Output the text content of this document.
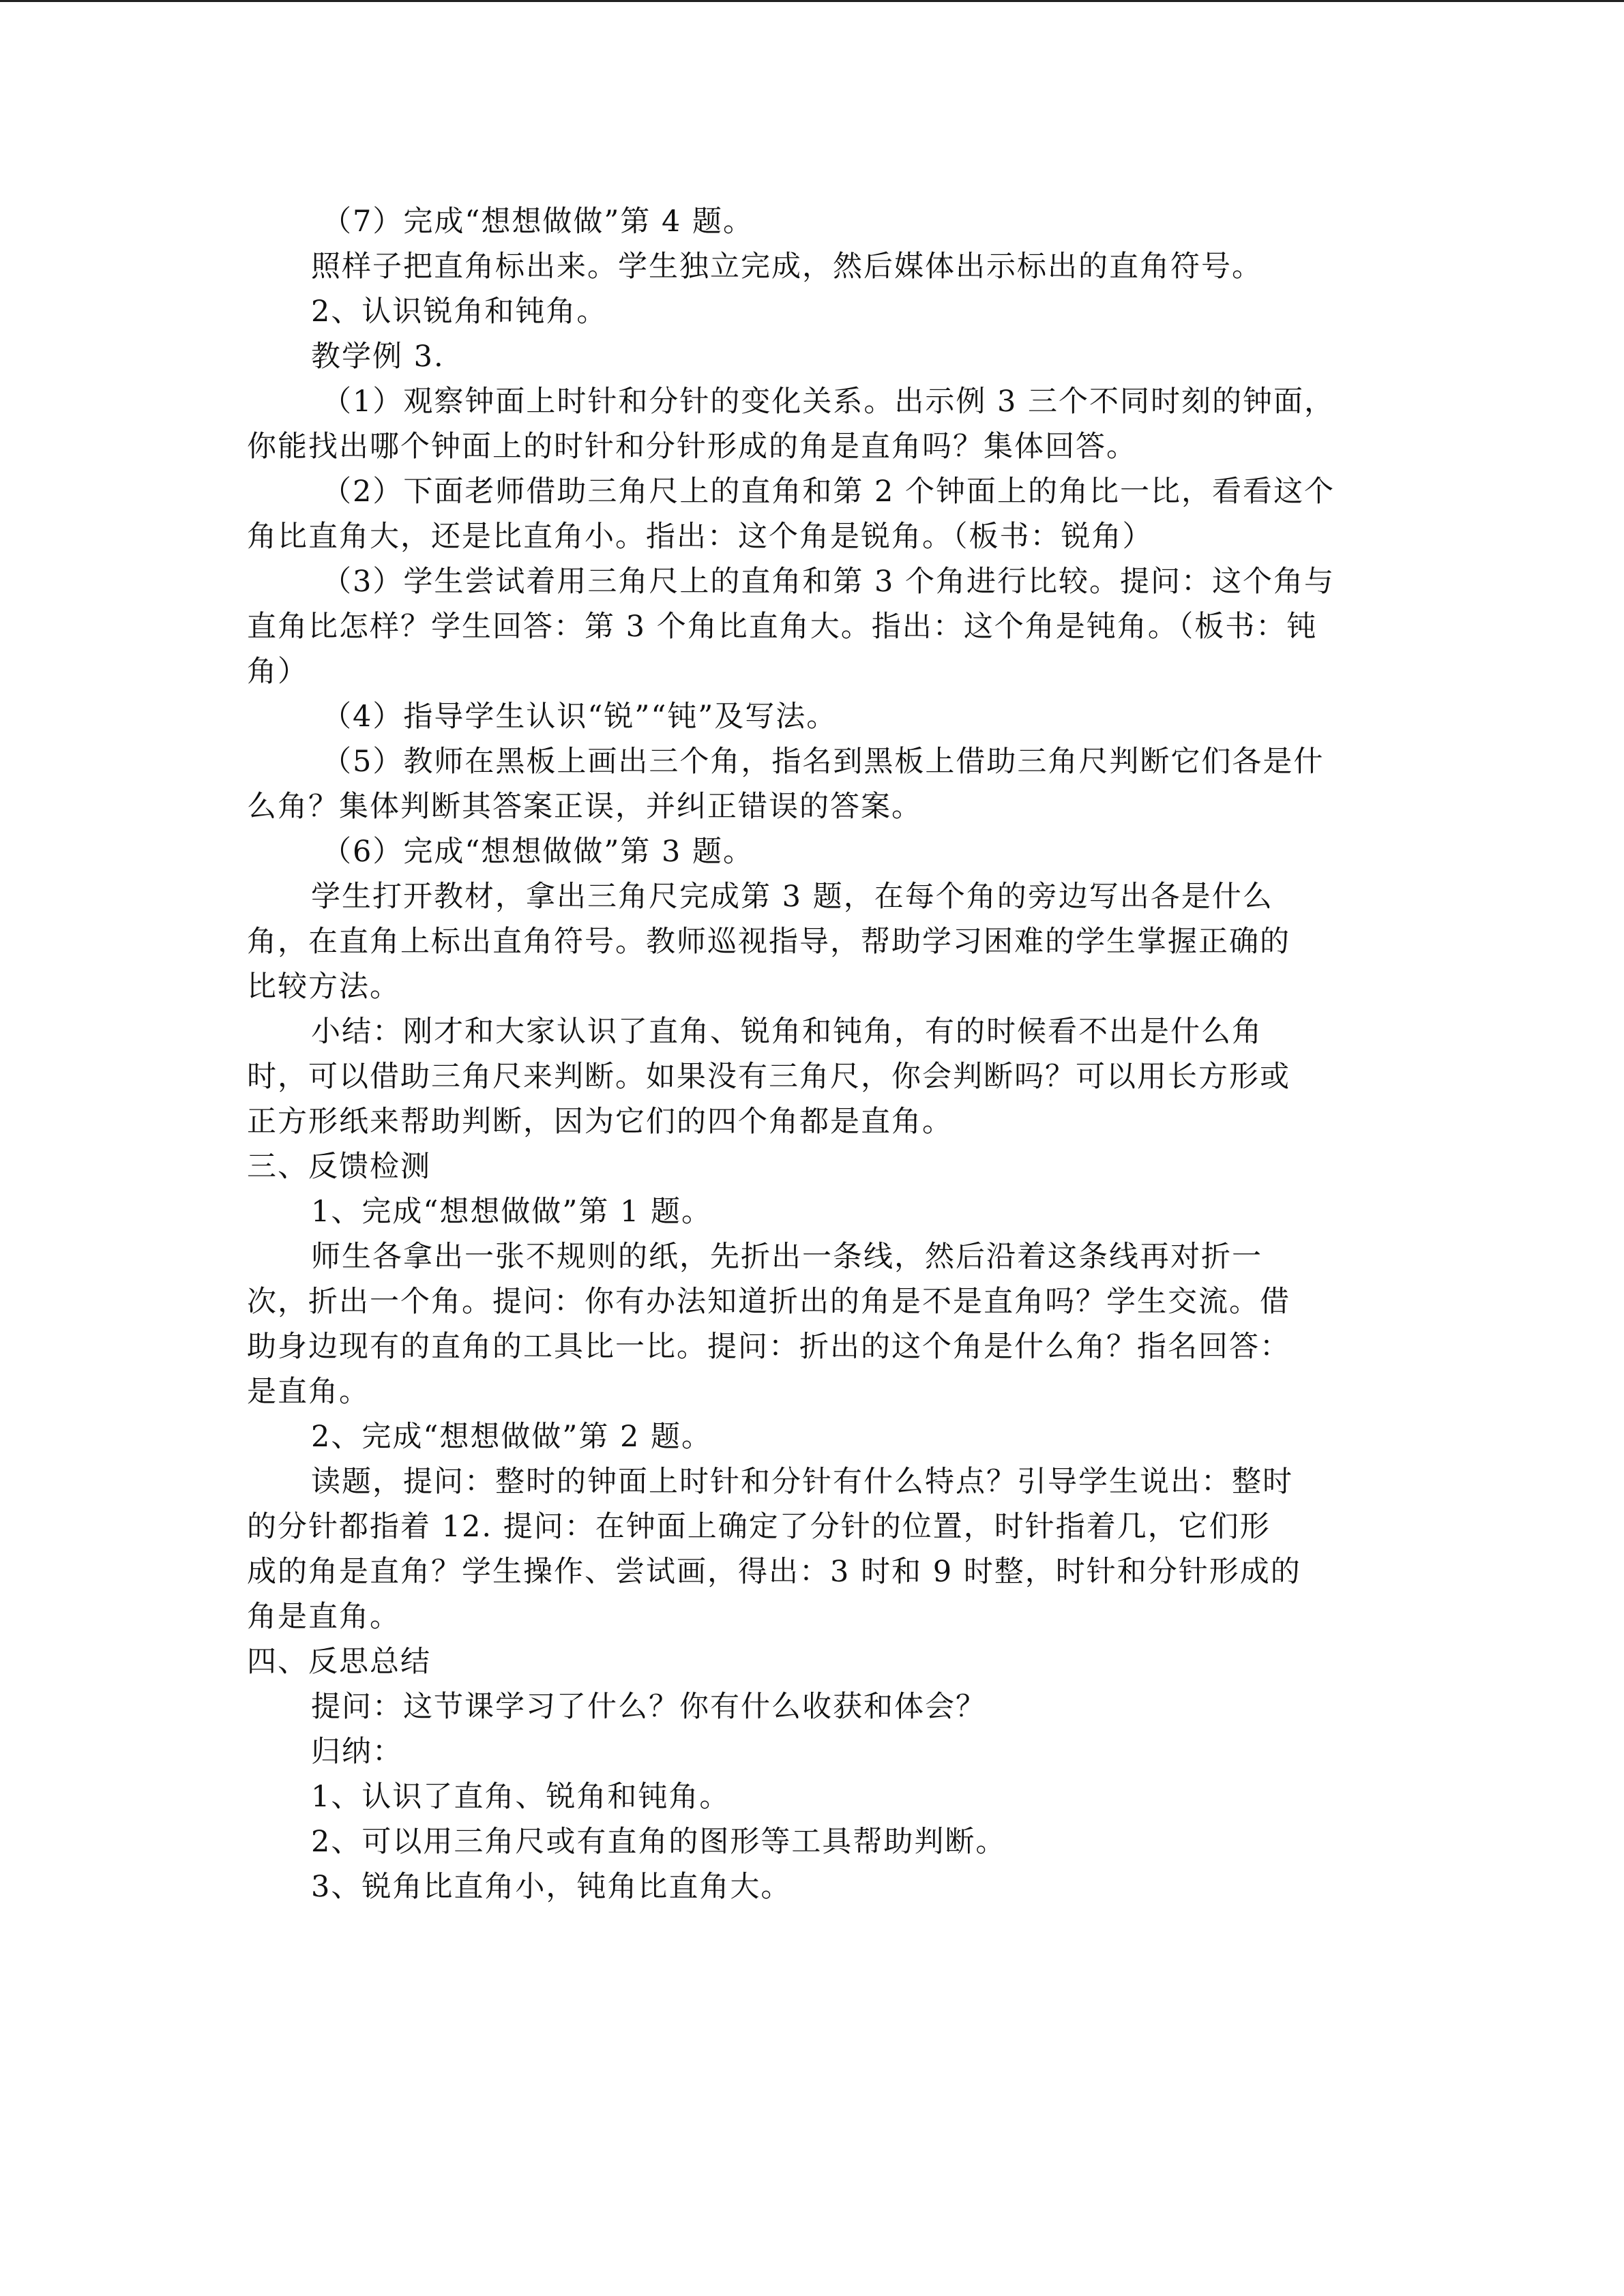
（7）完成“想想做做”第 4 题。
照样子把直角标出来。学生独立完成，然后媒体出示标出的直角符号。
2、认识锐角和钝角。
教学例 3.
（1）观察钟面上时针和分针的变化关系。出示例 3 三个不同时刻的钟面，
你能找出哪个钟面上的时针和分针形成的角是直角吗？集体回答。
（2）下面老师借助三角尺上的直角和第 2 个钟面上的角比一比，看看这个
角比直角大，还是比直角小。指出：这个角是锐角。（板书：锐角）
（3）学生尝试着用三角尺上的直角和第 3 个角进行比较。提问：这个角与
直角比怎样？学生回答：第 3 个角比直角大。指出：这个角是钝角。（板书：钝
角）
（4）指导学生认识“锐”“钝”及写法。
（5）教师在黑板上画出三个角，指名到黑板上借助三角尺判断它们各是什
么角？集体判断其答案正误，并纠正错误的答案。
（6）完成“想想做做”第 3 题。
学生打开教材，拿出三角尺完成第 3 题，在每个角的旁边写出各是什么
角，在直角上标出直角符号。教师巡视指导，帮助学习困难的学生掌握正确的
比较方法。
小结：刚才和大家认识了直角、锐角和钝角，有的时候看不出是什么角
时，可以借助三角尺来判断。如果没有三角尺，你会判断吗？可以用长方形或
正方形纸来帮助判断，因为它们的四个角都是直角。
三、反馈检测
1、完成“想想做做”第 1 题。
师生各拿出一张不规则的纸，先折出一条线，然后沿着这条线再对折一
次，折出一个角。提问：你有办法知道折出的角是不是直角吗？学生交流。借
助身边现有的直角的工具比一比。提问：折出的这个角是什么角？指名回答：
是直角。
2、完成“想想做做”第 2 题。
读题，提问：整时的钟面上时针和分针有什么特点？引导学生说出：整时
的分针都指着 12. 提问：在钟面上确定了分针的位置，时针指着几，它们形
成的角是直角？学生操作、尝试画，得出：3 时和 9 时整，时针和分针形成的
角是直角。
四、反思总结
提问：这节课学习了什么？你有什么收获和体会？
归纳：
1、认识了直角、锐角和钝角。
2、可以用三角尺或有直角的图形等工具帮助判断。
3、锐角比直角小，钝角比直角大。
